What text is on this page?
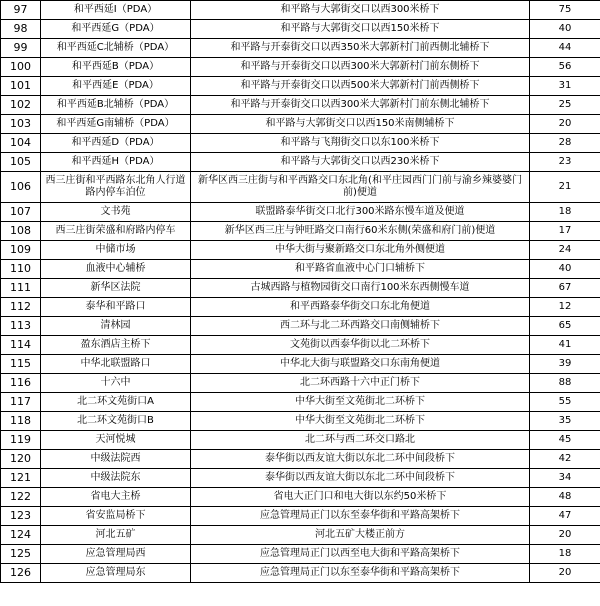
97	和平西延I（PDA）	和平路与大郭街交口以西300米桥下	75
98	和平西延G（PDA）	和平路与大郭街交口以西150米桥下	40
99	和平西延C北辅桥（PDA）	和平路与开泰街交口以西350米大郭新村门前西侧北辅桥下	44
100	和平西延B（PDA）	和平路与开泰街交口以西300米大郭新村门前东侧桥下	56
101	和平西延E（PDA）	和平路与开泰街交口以西500米大郭新村门前西侧桥下	31
102	和平西延B北辅桥（PDA）	和平路与开泰街交口以西300米大郭新村门前东侧北辅桥下	25
103	和平西延G南辅桥（PDA）	和平路与大郭街交口以西150米南侧辅桥下	20
104	和平西延D（PDA）	和平路与飞翔街交口以东100米桥下	28
105	和平西延H（PDA）	和平路与大郭街交口以西230米桥下	23
106	西三庄街和平西路东北角人行道路内停车泊位	新华区西三庄街与和平西路交口东北角(和平庄园西门门前与渝乡辣婆婆门前)便道	21
107	文书苑	联盟路泰华街交口北行300米路东慢车道及便道	18
108	西三庄街荣盛和府路内停车	新华区西三庄与钟旺路交口南行60米东侧(荣盛和府门前)便道	17
109	中储市场	中华大街与聚新路交口东北角外侧便道	24
110	血液中心辅桥	和平路省血液中心门口辅桥下	40
111	新华区法院	古城西路与植物园街交口南行100米东西侧慢车道	67
112	泰华和平路口	和平西路泰华街交口东北角便道	12
113	清林园	西二环与北二环西路交口南侧辅桥下	65
114	盈东酒店主桥下	文苑街以西泰华街以北二环桥下	41
115	中华北联盟路口	中华北大街与联盟路交口东南角便道	39
116	十六中	北二环西路十六中正门桥下	88
117	北二环文苑街口A	中华大街至文苑街北二环桥下	55
118	北二环文苑街口B	中华大街至文苑街北二环桥下	35
119	天河悦城	北二环与西二环交口路北	45
120	中级法院西	泰华街以西友谊大街以东北二环中间段桥下	42
121	中级法院东	泰华街以西友谊大街以东北二环中间段桥下	34
122	省电大主桥	省电大正门口和电大街以东约50米桥下	48
123	省安监局桥下	应急管理局正门以东至泰华街和平路高架桥下	47
124	河北五矿	河北五矿大楼正前方	20
125	应急管理局西	应急管理局正门以西至电大街和平路高架桥下	18
126	应急管理局东	应急管理局正门以东至泰华街和平路高架桥下	20
